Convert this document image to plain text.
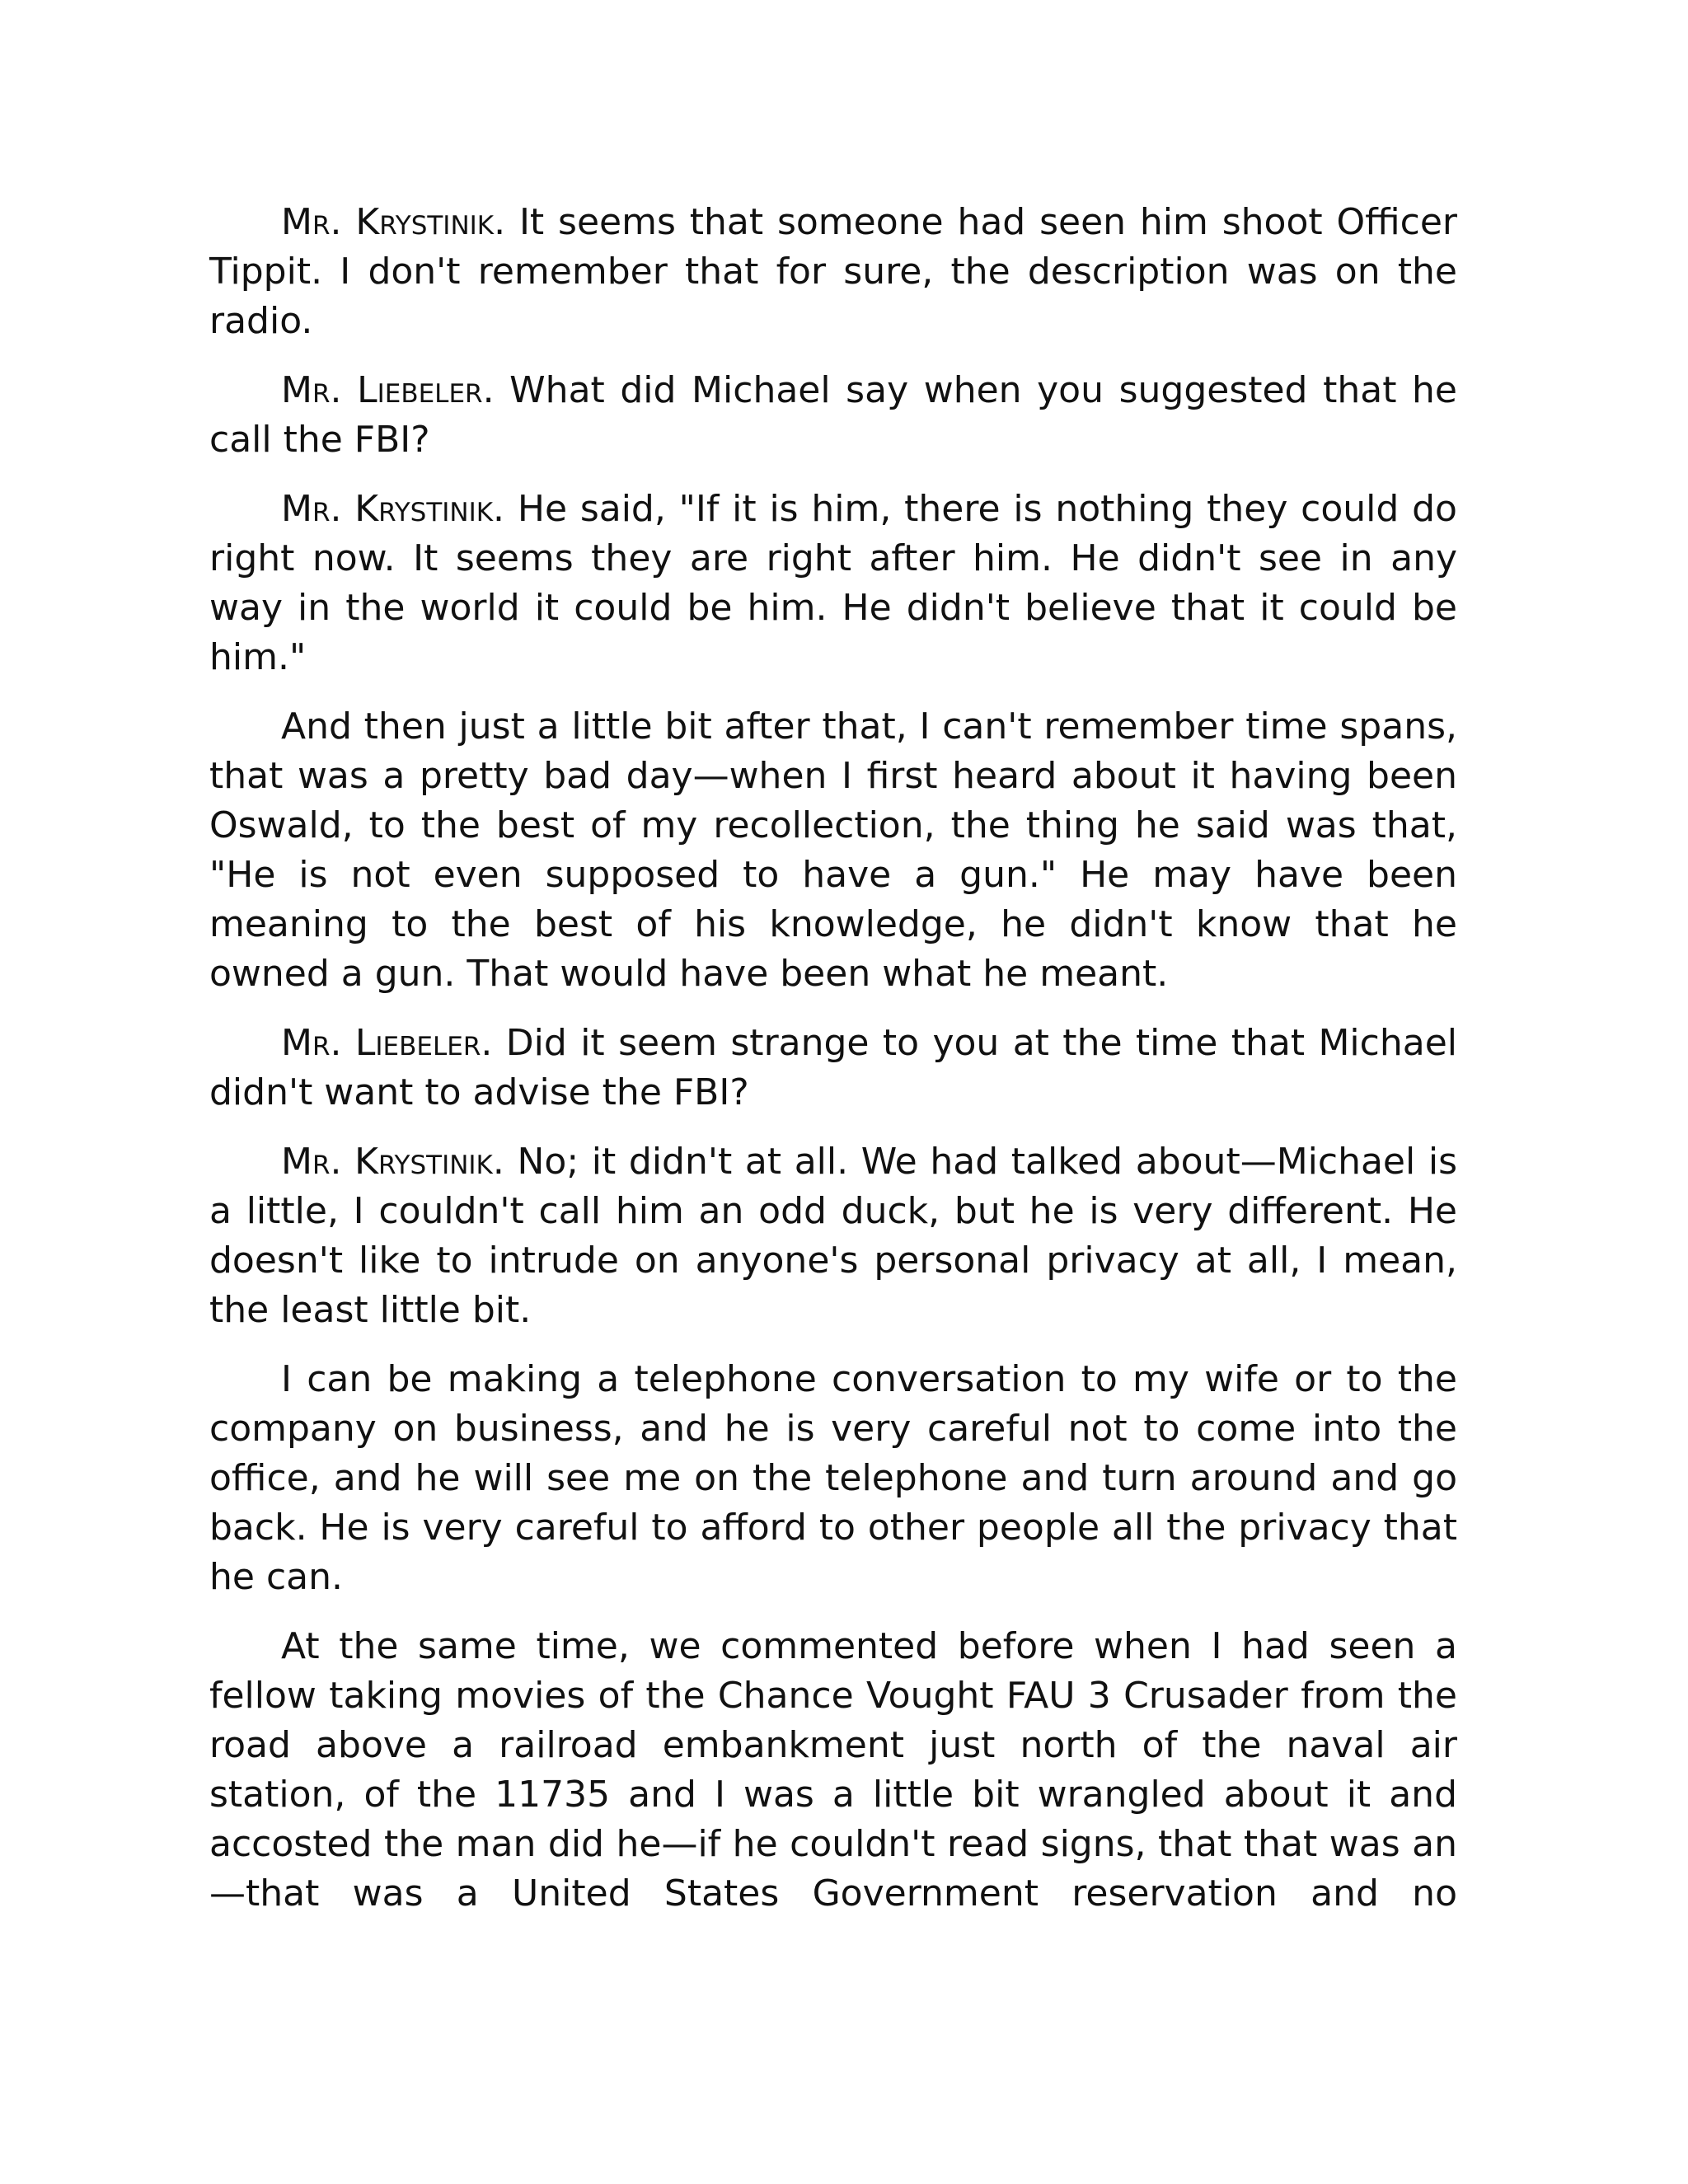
Mr. Krystinik. It seems that someone had seen him shoot Officer Tippit. I don't remember that for sure, the description was on the radio.

Mr. Liebeler. What did Michael say when you suggested that he call the FBI?

Mr. Krystinik. He said, "If it is him, there is nothing they could do right now. It seems they are right after him. He didn't see in any way in the world it could be him. He didn't believe that it could be him."

And then just a little bit after that, I can't remember time spans, that was a pretty bad day—when I first heard about it having been Oswald, to the best of my recollection, the thing he said was that, "He is not even supposed to have a gun." He may have been meaning to the best of his knowledge, he didn't know that he owned a gun. That would have been what he meant.

Mr. Liebeler. Did it seem strange to you at the time that Michael didn't want to advise the FBI?

Mr. Krystinik. No; it didn't at all. We had talked about—Michael is a little, I couldn't call him an odd duck, but he is very different. He doesn't like to intrude on anyone's personal privacy at all, I mean, the least little bit.

I can be making a telephone conversation to my wife or to the company on business, and he is very careful not to come into the office, and he will see me on the telephone and turn around and go back. He is very careful to afford to other people all the privacy that he can.

At the same time, we commented before when I had seen a fellow taking movies of the Chance Vought FAU 3 Crusader from the road above a railroad embankment just north of the naval air station, of the 11735 and I was a little bit wrangled about it and accosted the man did he—if he couldn't read signs, that that was an —that was a United States Government reservation and no
